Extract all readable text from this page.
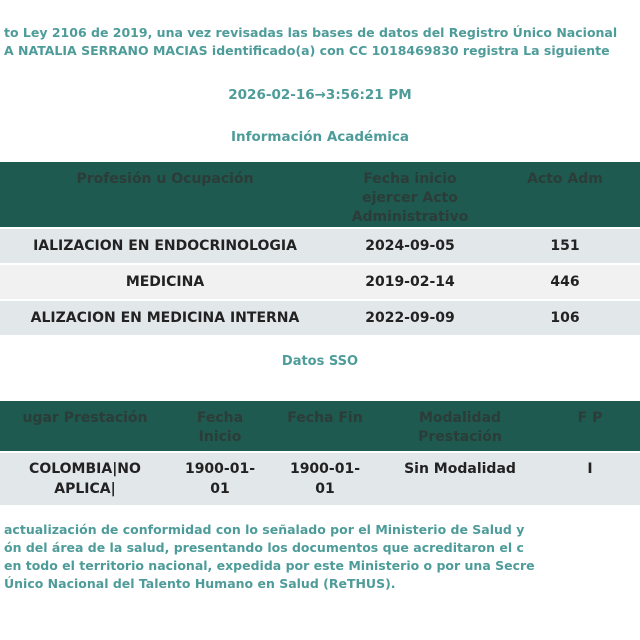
to Ley 2106 de 2019, una vez revisadas las bases de datos del Registro Único Nacional
A NATALIA SERRANO MACIAS identificado(a) con CC 1018469830 registra La siguiente
2026-02-16→3:56:21 PM
Información Académica
Profesión u Ocupación	Fecha inicio ejercer Acto Administrativo	Acto Adm
IALIZACION EN ENDOCRINOLOGIA	2024-09-05	151
MEDICINA	2019-02-14	446
ALIZACION EN MEDICINA INTERNA	2022-09-09	106
Datos SSO
ugar Prestación	Fecha Inicio	Fecha Fin	Modalidad Prestación	F P
COLOMBIA|NO APLICA|	1900-01-01	1900-01-01	Sin Modalidad	I
actualización de conformidad con lo señalado por el Ministerio de Salud y
ón del área de la salud, presentando los documentos que acreditaron el c
en todo el territorio nacional, expedida por este Ministerio o por una Secre
Único Nacional del Talento Humano en Salud (ReTHUS).
